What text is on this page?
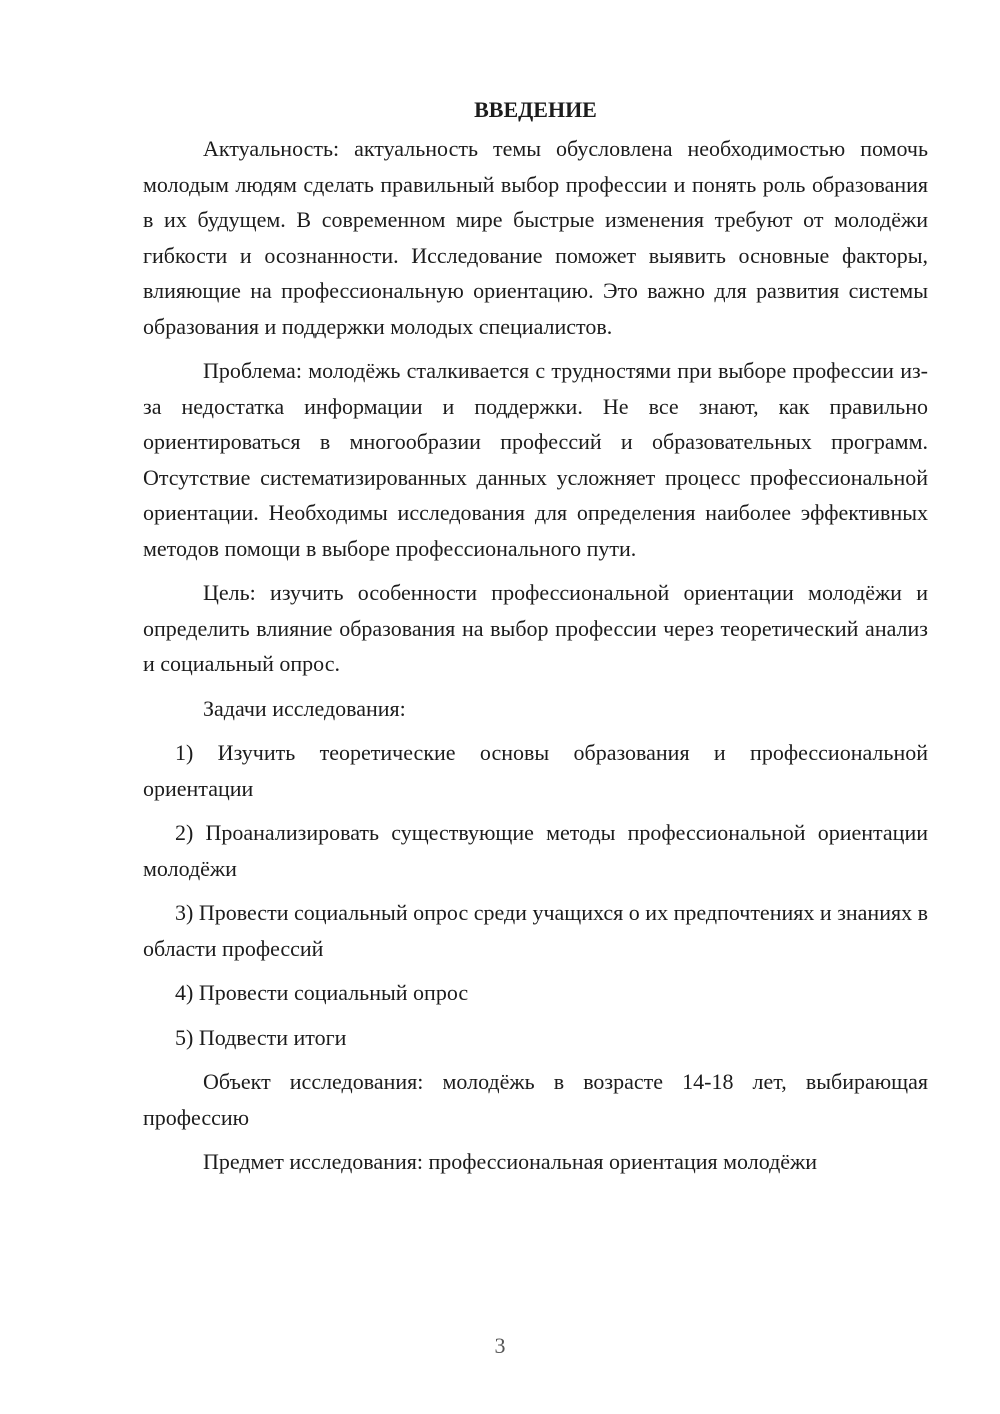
ВВЕДЕНИЕ

Актуальность: актуальность темы обусловлена необходимостью помочь молодым людям сделать правильный выбор профессии и понять роль образования в их будущем. В современном мире быстрые изменения требуют от молодёжи гибкости и осознанности. Исследование поможет выявить основные факторы, влияющие на профессиональную ориентацию. Это важно для развития системы образования и поддержки молодых специалистов.

Проблема: молодёжь сталкивается с трудностями при выборе профессии из-за недостатка информации и поддержки. Не все знают, как правильно ориентироваться в многообразии профессий и образовательных программ. Отсутствие систематизированных данных усложняет процесс профессиональной ориентации. Необходимы исследования для определения наиболее эффективных методов помощи в выборе профессионального пути.

Цель: изучить особенности профессиональной ориентации молодёжи и определить влияние образования на выбор профессии через теоретический анализ и социальный опрос.

Задачи исследования:

1) Изучить теоретические основы образования и профессиональной ориентации

2) Проанализировать существующие методы профессиональной ориентации молодёжи

3) Провести социальный опрос среди учащихся о их предпочтениях и знаниях в области профессий

4) Провести социальный опрос

5) Подвести итоги

Объект исследования: молодёжь в возрасте 14-18 лет, выбирающая профессию

Предмет исследования: профессиональная ориентация молодёжи

3
